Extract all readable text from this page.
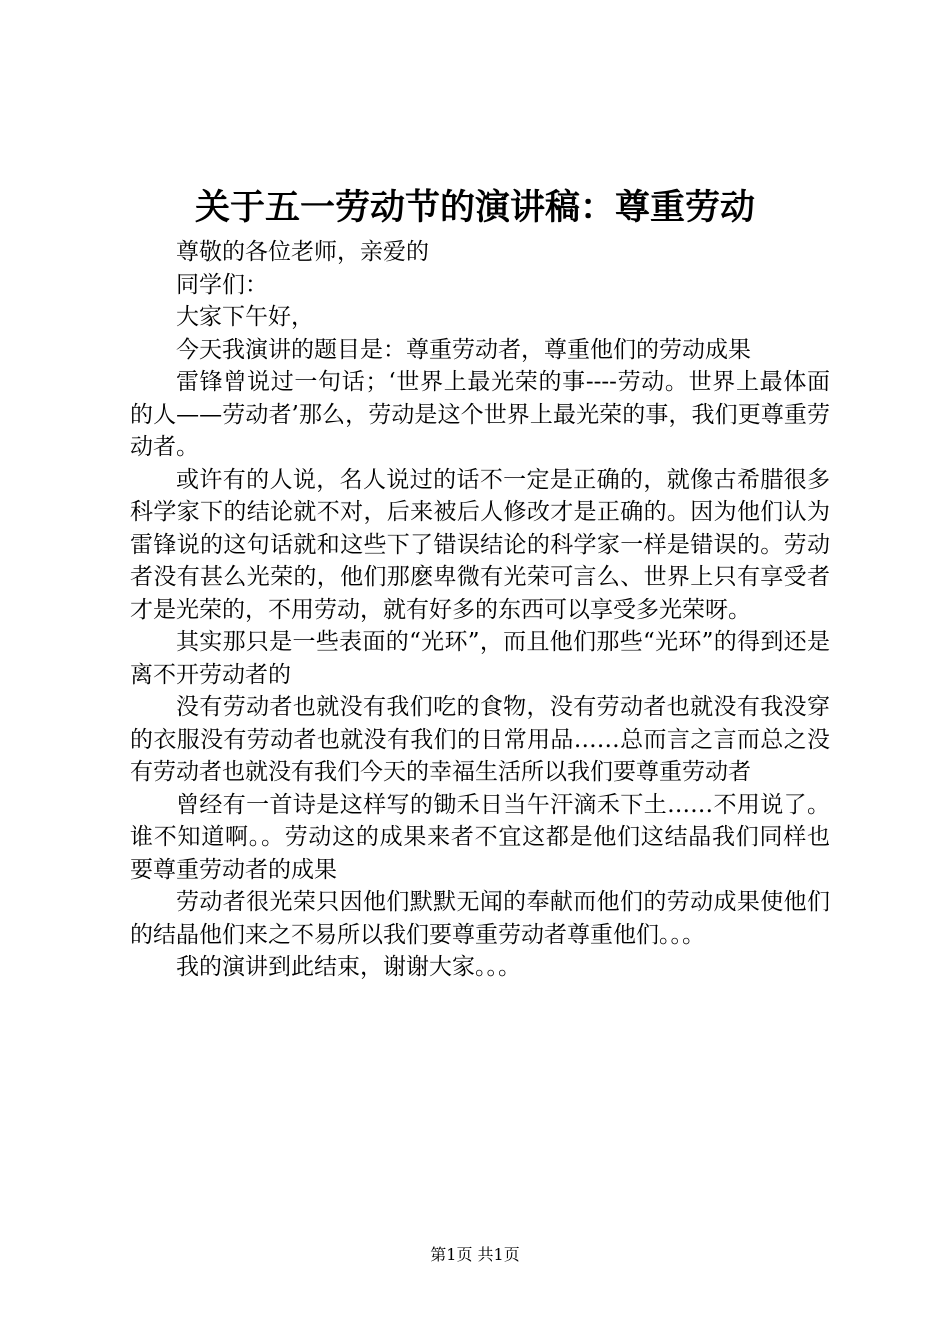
关于五一劳动节的演讲稿：尊重劳动

尊敬的各位老师，亲爱的

同学们：

大家下午好，

今天我演讲的题目是：尊重劳动者，尊重他们的劳动成果

雷锋曾说过一句话；‘世界上最光荣的事----劳动。世界上最体面的人——劳动者’那么，劳动是这个世界上最光荣的事，我们更尊重劳动者。

或许有的人说，名人说过的话不一定是正确的，就像古希腊很多科学家下的结论就不对，后来被后人修改才是正确的。因为他们认为雷锋说的这句话就和这些下了错误结论的科学家一样是错误的。劳动者没有甚么光荣的，他们那麽卑微有光荣可言么、世界上只有享受者才是光荣的，不用劳动，就有好多的东西可以享受多光荣呀。

其实那只是一些表面的“光环”，而且他们那些“光环”的得到还是离不开劳动者的

没有劳动者也就没有我们吃的食物，没有劳动者也就没有我没穿的衣服没有劳动者也就没有我们的日常用品……总而言之言而总之没有劳动者也就没有我们今天的幸福生活所以我们要尊重劳动者

曾经有一首诗是这样写的锄禾日当午汗滴禾下土……不用说了。谁不知道啊。。劳动这的成果来者不宜这都是他们这结晶我们同样也要尊重劳动者的成果

劳动者很光荣只因他们默默无闻的奉献而他们的劳动成果使他们的结晶他们来之不易所以我们要尊重劳动者尊重他们。。。

我的演讲到此结束，谢谢大家。。。

第1页 共1页
